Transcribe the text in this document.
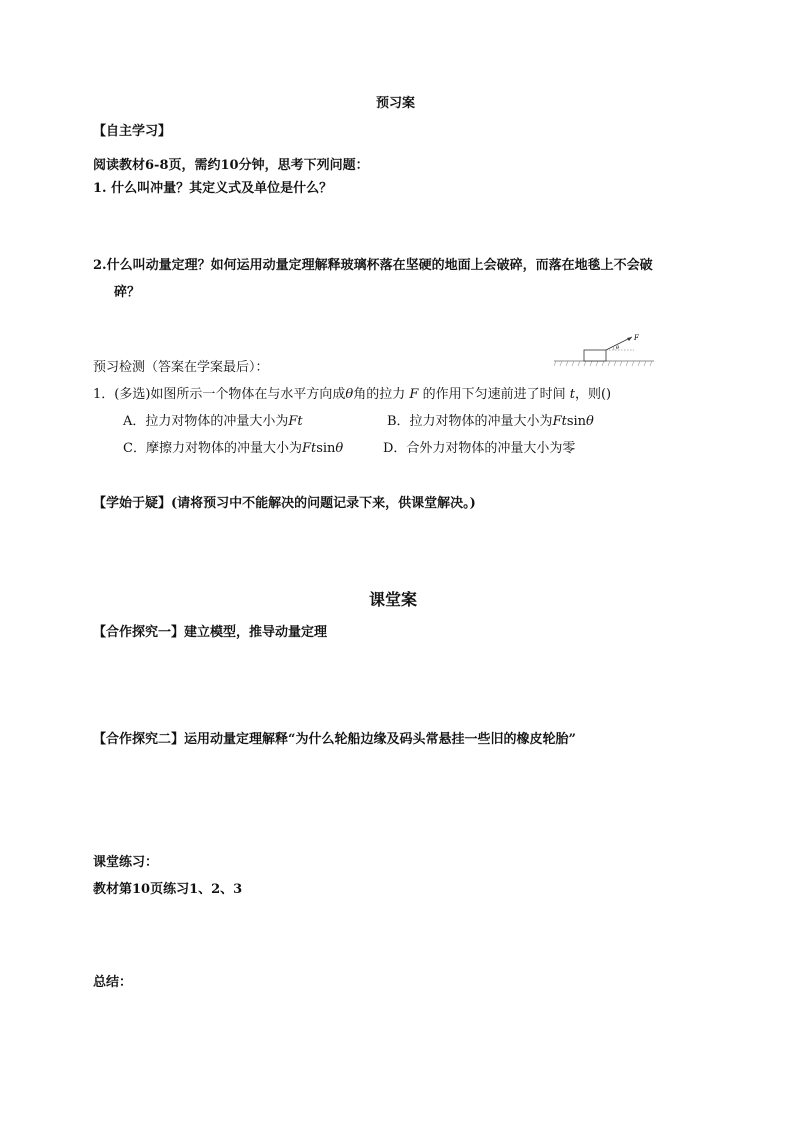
预习案
【自主学习】
阅读教材6-8页，需约10分钟，思考下列问题：
1. 什么叫冲量？其定义式及单位是什么？
2.什么叫动量定理？如何运用动量定理解释玻璃杯落在坚硬的地面上会破碎，而落在地毯上不会破
碎？
预习检测（答案在学案最后）：
F
θ
1．(多选)如图所示一个物体在与水平方向成θ角的拉力 F 的作用下匀速前进了时间 t，则()
A．拉力对物体的冲量大小为Ft	B．拉力对物体的冲量大小为Ftsinθ
C．摩擦力对物体的冲量大小为Ftsinθ	D．合外力对物体的冲量大小为零
【学始于疑】(请将预习中不能解决的问题记录下来，供课堂解决。)
课堂案
【合作探究一】建立模型，推导动量定理
【合作探究二】运用动量定理解释“为什么轮船边缘及码头常悬挂一些旧的橡皮轮胎”
课堂练习：
教材第10页练习1、2、3
总结：
